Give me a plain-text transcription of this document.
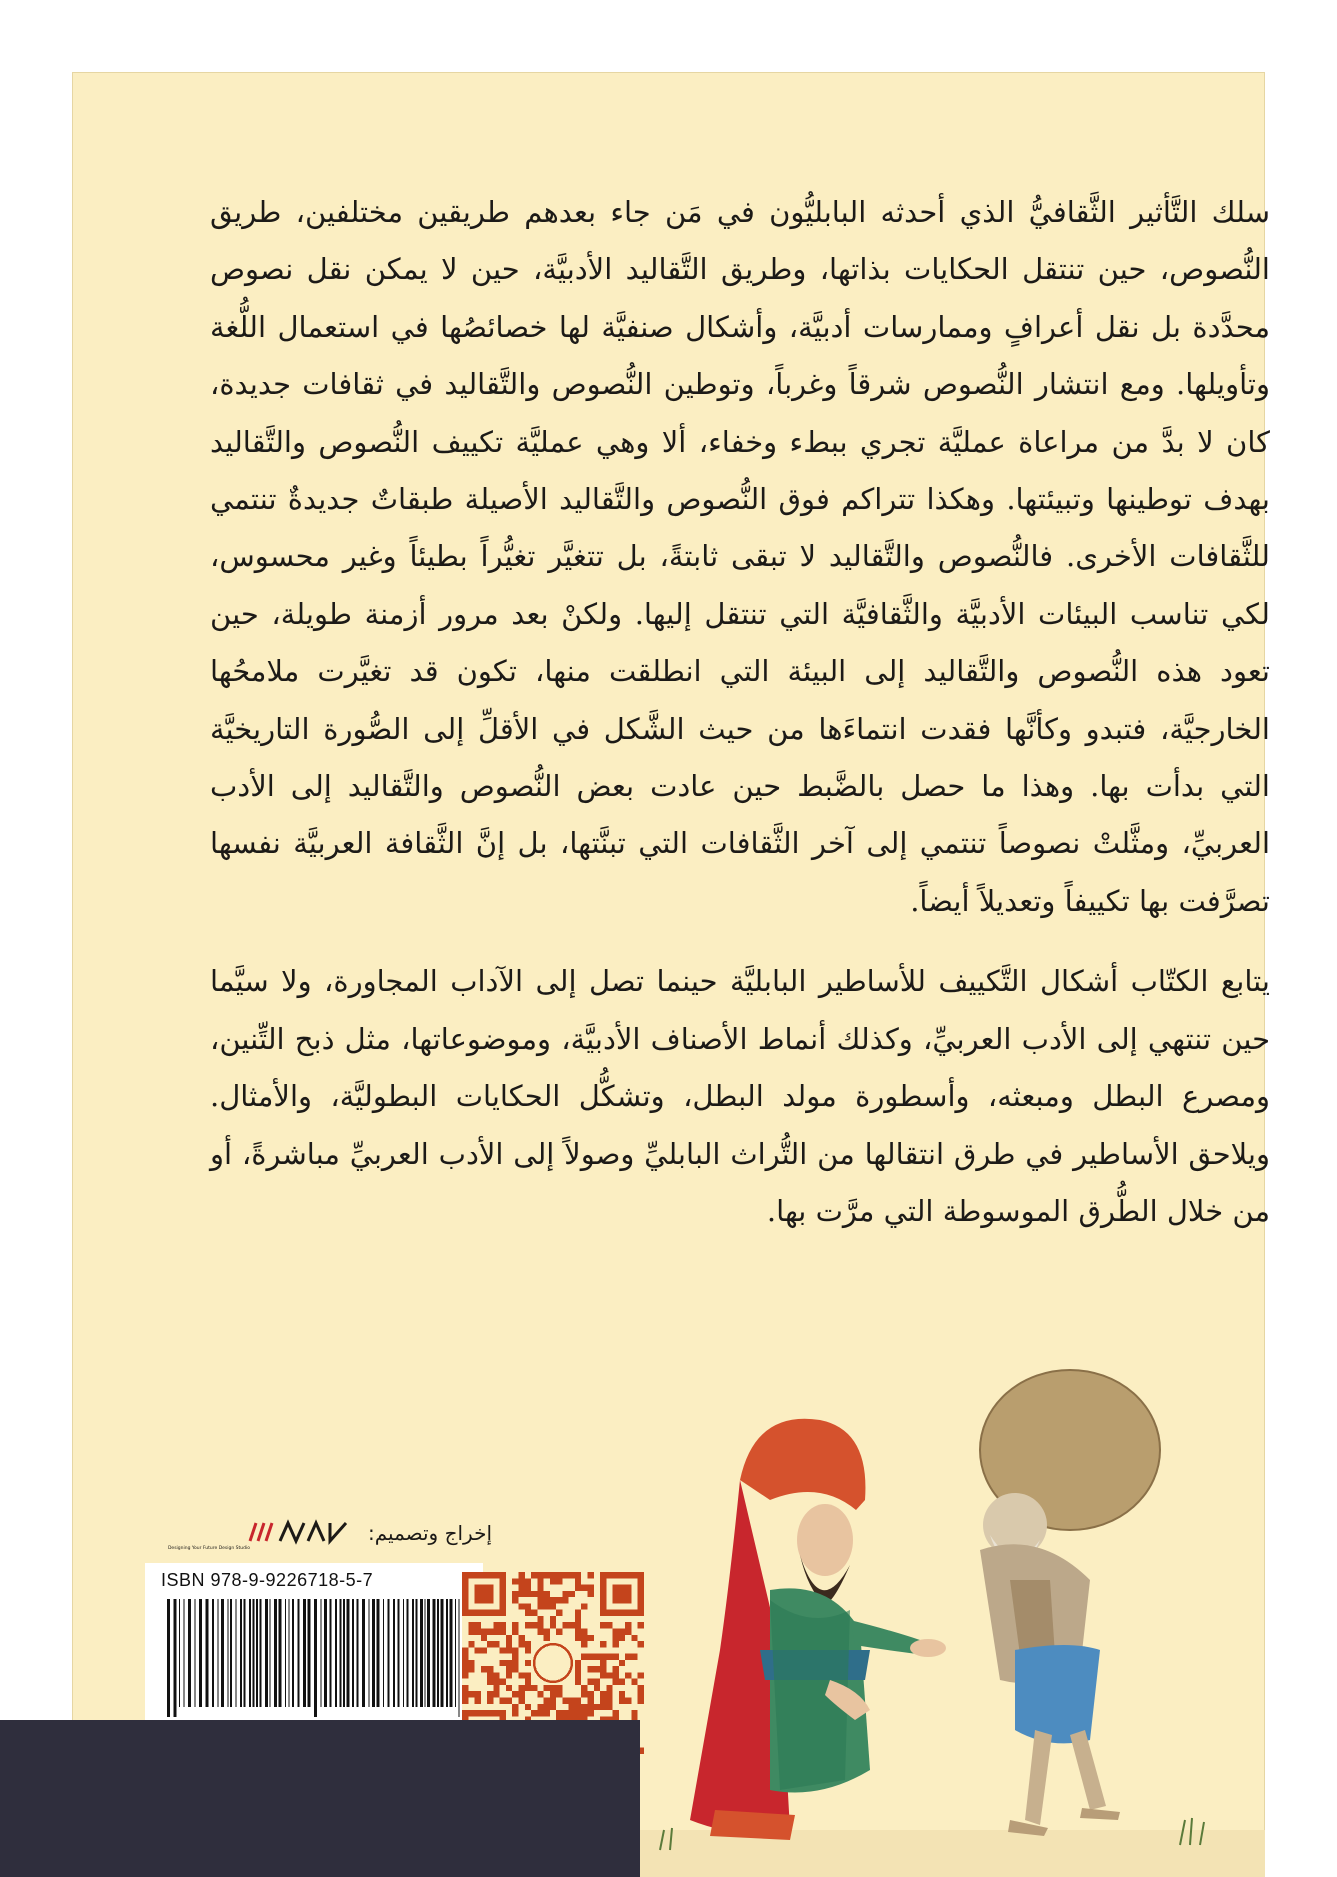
سلك التَّأثير الثَّقافيُّ الذي أحدثه البابليُّون في مَن جاء بعدهم طريقين مختلفين، طريق النُّصوص، حين تنتقل الحكايات بذاتها، وطريق التَّقاليد الأدبيَّة، حين لا يمكن نقل نصوص محدَّدة بل نقل أعرافٍ وممارسات أدبيَّة، وأشكال صنفيَّة لها خصائصُها في استعمال اللُّغة وتأويلها. ومع انتشار النُّصوص شرقاً وغرباً، وتوطين النُّصوص والتَّقاليد في ثقافات جديدة، كان لا بدَّ من مراعاة عمليَّة تجري ببطء وخفاء، ألا وهي عمليَّة تكييف النُّصوص والتَّقاليد بهدف توطينها وتبيئتها. وهكذا تتراكم فوق النُّصوص والتَّقاليد الأصيلة طبقاتٌ جديدةٌ تنتمي للثَّقافات الأخرى. فالنُّصوص والتَّقاليد لا تبقى ثابتةً، بل تتغيَّر تغيُّراً بطيئاً وغير محسوس، لكي تناسب البيئات الأدبيَّة والثَّقافيَّة التي تنتقل إليها. ولكنْ بعد مرور أزمنة طويلة، حين تعود هذه النُّصوص والتَّقاليد إلى البيئة التي انطلقت منها، تكون قد تغيَّرت ملامحُها الخارجيَّة، فتبدو وكأنَّها فقدت انتماءَها من حيث الشَّكل في الأقلِّ إلى الصُّورة التاريخيَّة التي بدأت بها. وهذا ما حصل بالضَّبط حين عادت بعض النُّصوص والتَّقاليد إلى الأدب العربيِّ، ومثَّلتْ نصوصاً تنتمي إلى آخر الثَّقافات التي تبنَّتها، بل إنَّ الثَّقافة العربيَّة نفسها تصرَّفت بها تكييفاً وتعديلاً أيضاً.

يتابع الكتّاب أشكال التَّكييف للأساطير البابليَّة حينما تصل إلى الآداب المجاورة، ولا سيَّما حين تنتهي إلى الأدب العربيِّ، وكذلك أنماط الأصناف الأدبيَّة، وموضوعاتها، مثل ذبح التِّنين، ومصرع البطل ومبعثه، وأسطورة مولد البطل، وتشكُّل الحكايات البطوليَّة، والأمثال. ويلاحق الأساطير في طرق انتقالها من التُّراث البابليِّ وصولاً إلى الأدب العربيِّ مباشرةً، أو من خلال الطُّرق الموسوطة التي مرَّت بها.

إخراج وتصميم:
Designing Your Future Design Studio
ISBN 978-9-9226718-5-7
